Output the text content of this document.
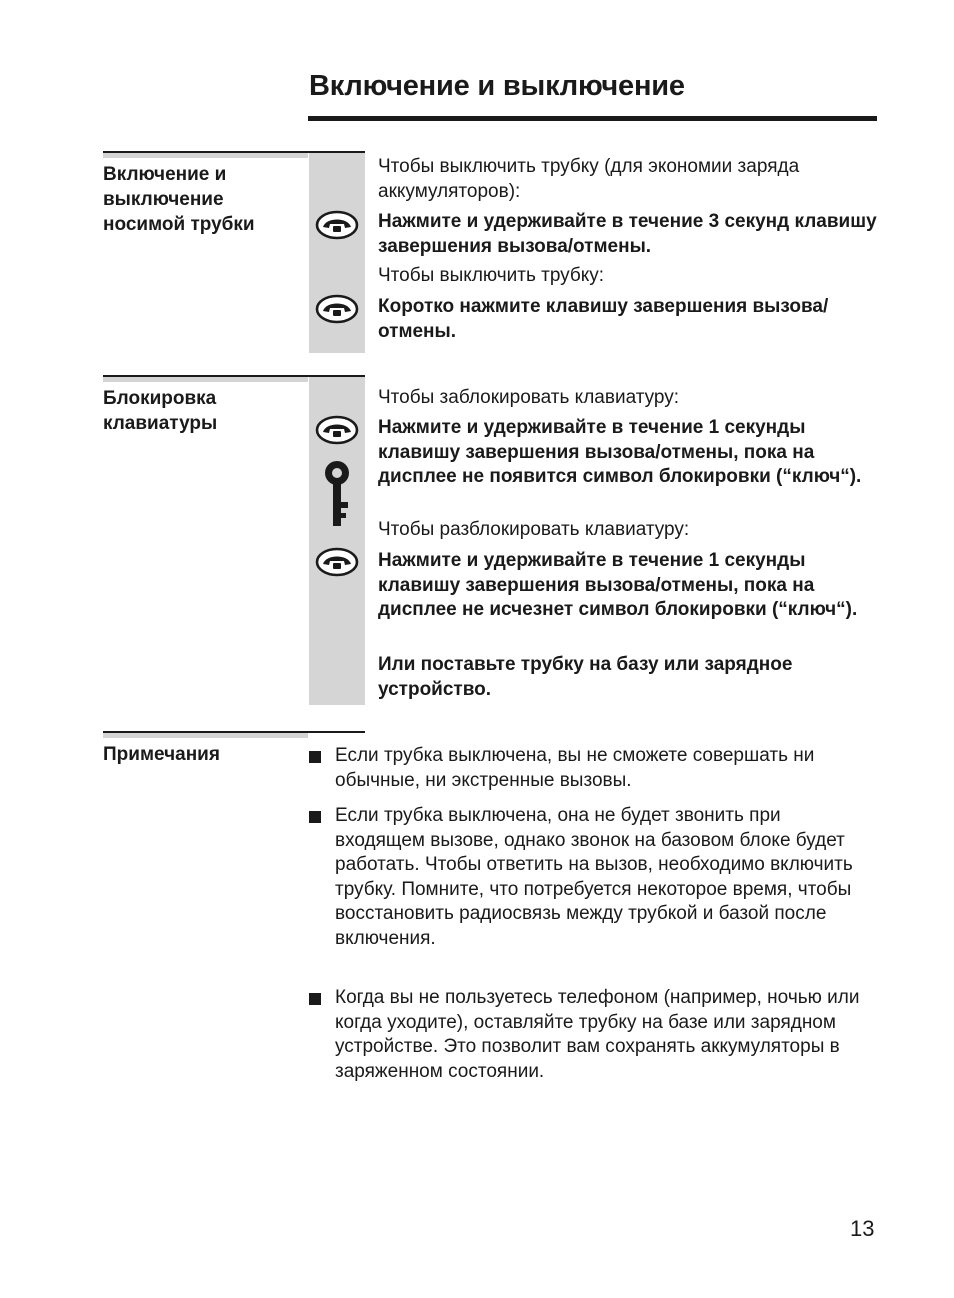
Включение и выключение
Включение и выключение носимой трубки

Чтобы выключить трубку (для экономии заряда аккумуляторов):

Нажмите и удерживайте в течение 3 секунд клавишу завершения вызова/отмены.

Чтобы выключить трубку:

Коротко нажмите клавишу завершения вызова/отмены.

Блокировка клавиатуры

Чтобы заблокировать клавиатуру:

Нажмите и удерживайте в течение 1 секунды клавишу завершения вызова/отмены, пока на дисплее не появится символ блокировки (“ключ“).

Чтобы разблокировать клавиатуру:

Нажмите и удерживайте в течение 1 секунды клавишу завершения вызова/отмены, пока на дисплее не исчезнет символ блокировки (“ключ“).

Или поставьте трубку на базу или зарядное устройство.

Примечания	Если трубка выключена, вы не сможете совершать ни обычные, ни экстренные вызовы.

Если трубка выключена, она не будет звонить при входящем вызове, однако звонок на базовом блоке будет работать. Чтобы ответить на вызов, необходимо включить трубку. Помните, что потребуется некоторое время, чтобы восстановить радиосвязь между трубкой и базой после включения.

Когда вы не пользуетесь телефоном (например, ночью или когда уходите), оставляйте трубку на базе или зарядном устройстве. Это позволит вам сохранять аккумуляторы в заряженном состоянии.

13
